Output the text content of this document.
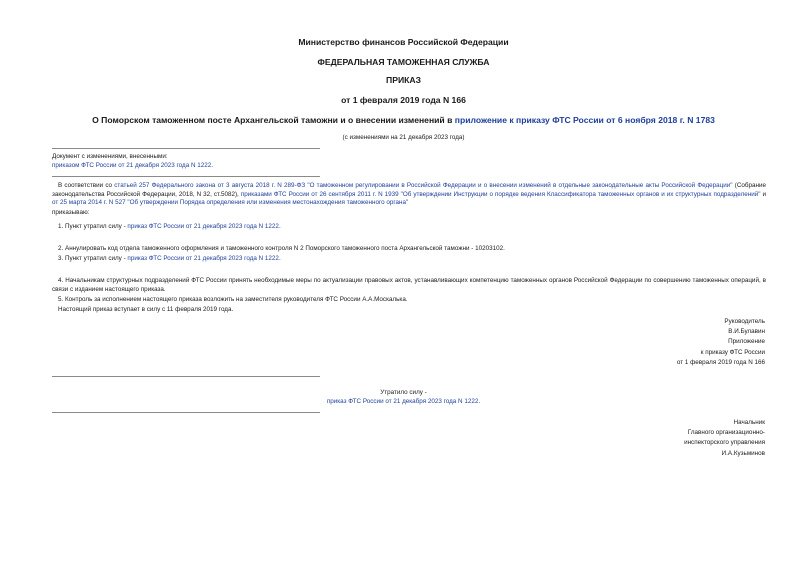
Министерство финансов Российской Федерации
ФЕДЕРАЛЬНАЯ ТАМОЖЕННАЯ СЛУЖБА
ПРИКАЗ
от 1 февраля 2019 года N 166
О Поморском таможенном посте Архангельской таможни и о внесении изменений в приложение к приказу ФТС России от 6 ноября 2018 г. N 1783
(с изменениями на 21 декабря 2023 года)
Документ с изменениями, внесенными:
приказом ФТС России от 21 декабря 2023 года N 1222.
В соответствии со статьей 257 Федерального закона от 3 августа 2018 г. N 289-ФЗ "О таможенном регулировании в Российской Федерации и о внесении изменений в отдельные законодательные акты Российской Федерации" (Собрание законодательства Российской Федерации, 2018, N 32, ст.5082), приказами ФТС России от 26 сентября 2011 г. N 1939 "Об утверждении Инструкции о порядке ведения Классификатора таможенных органов и их структурных подразделений" и от 25 марта 2014 г. N 527 "Об утверждении Порядка определения или изменения местонахождения таможенного органа"
приказываю:
1. Пункт утратил силу - приказ ФТС России от 21 декабря 2023 года N 1222.
2. Аннулировать код отдела таможенного оформления и таможенного контроля N 2 Поморского таможенного поста Архангельской таможни - 10203102.
3. Пункт утратил силу - приказ ФТС России от 21 декабря 2023 года N 1222.
4. Начальникам структурных подразделений ФТС России принять необходимые меры по актуализации правовых актов, устанавливающих компетенцию таможенных органов Российской Федерации по совершению таможенных операций, в связи с изданием настоящего приказа.
5. Контроль за исполнением настоящего приказа возложить на заместителя руководителя ФТС России А.А.Москалька.
Настоящий приказ вступает в силу с 11 февраля 2019 года.
Руководитель
В.И.Булавин
Приложение
к приказу ФТС России
от 1 февраля 2019 года N 166
Утратило силу -
приказ ФТС России от 21 декабря 2023 года N 1222.
Начальник
Главного организационно-
инспекторского управления
И.А.Кузьминов
